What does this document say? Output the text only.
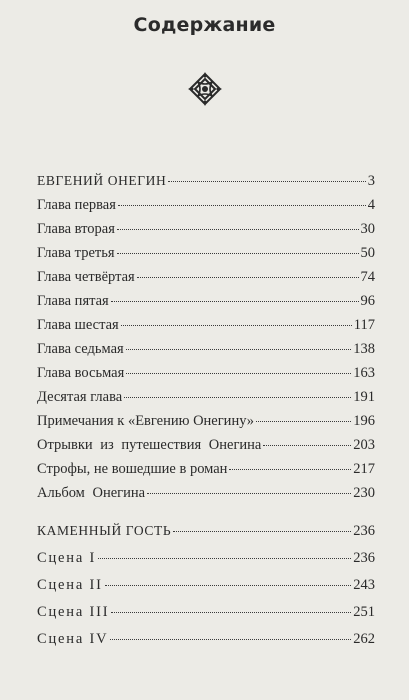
Содержание
ЕВГЕНИЙ ОНЕГИН	3
Глава первая	4
Глава вторая	30
Глава третья	50
Глава четвёртая	74
Глава пятая	96
Глава шестая	117
Глава седьмая	138
Глава восьмая	163
Десятая глава	191
Примечания к «Евгению Онегину»	196
Отрывки из путешествия Онегина	203
Строфы, не вошедшие в роман	217
Альбом Онегина	230
КАМЕННЫЙ ГОСТЬ	236
Сцена I	236
Сцена II	243
Сцена III	251
Сцена IV	262
